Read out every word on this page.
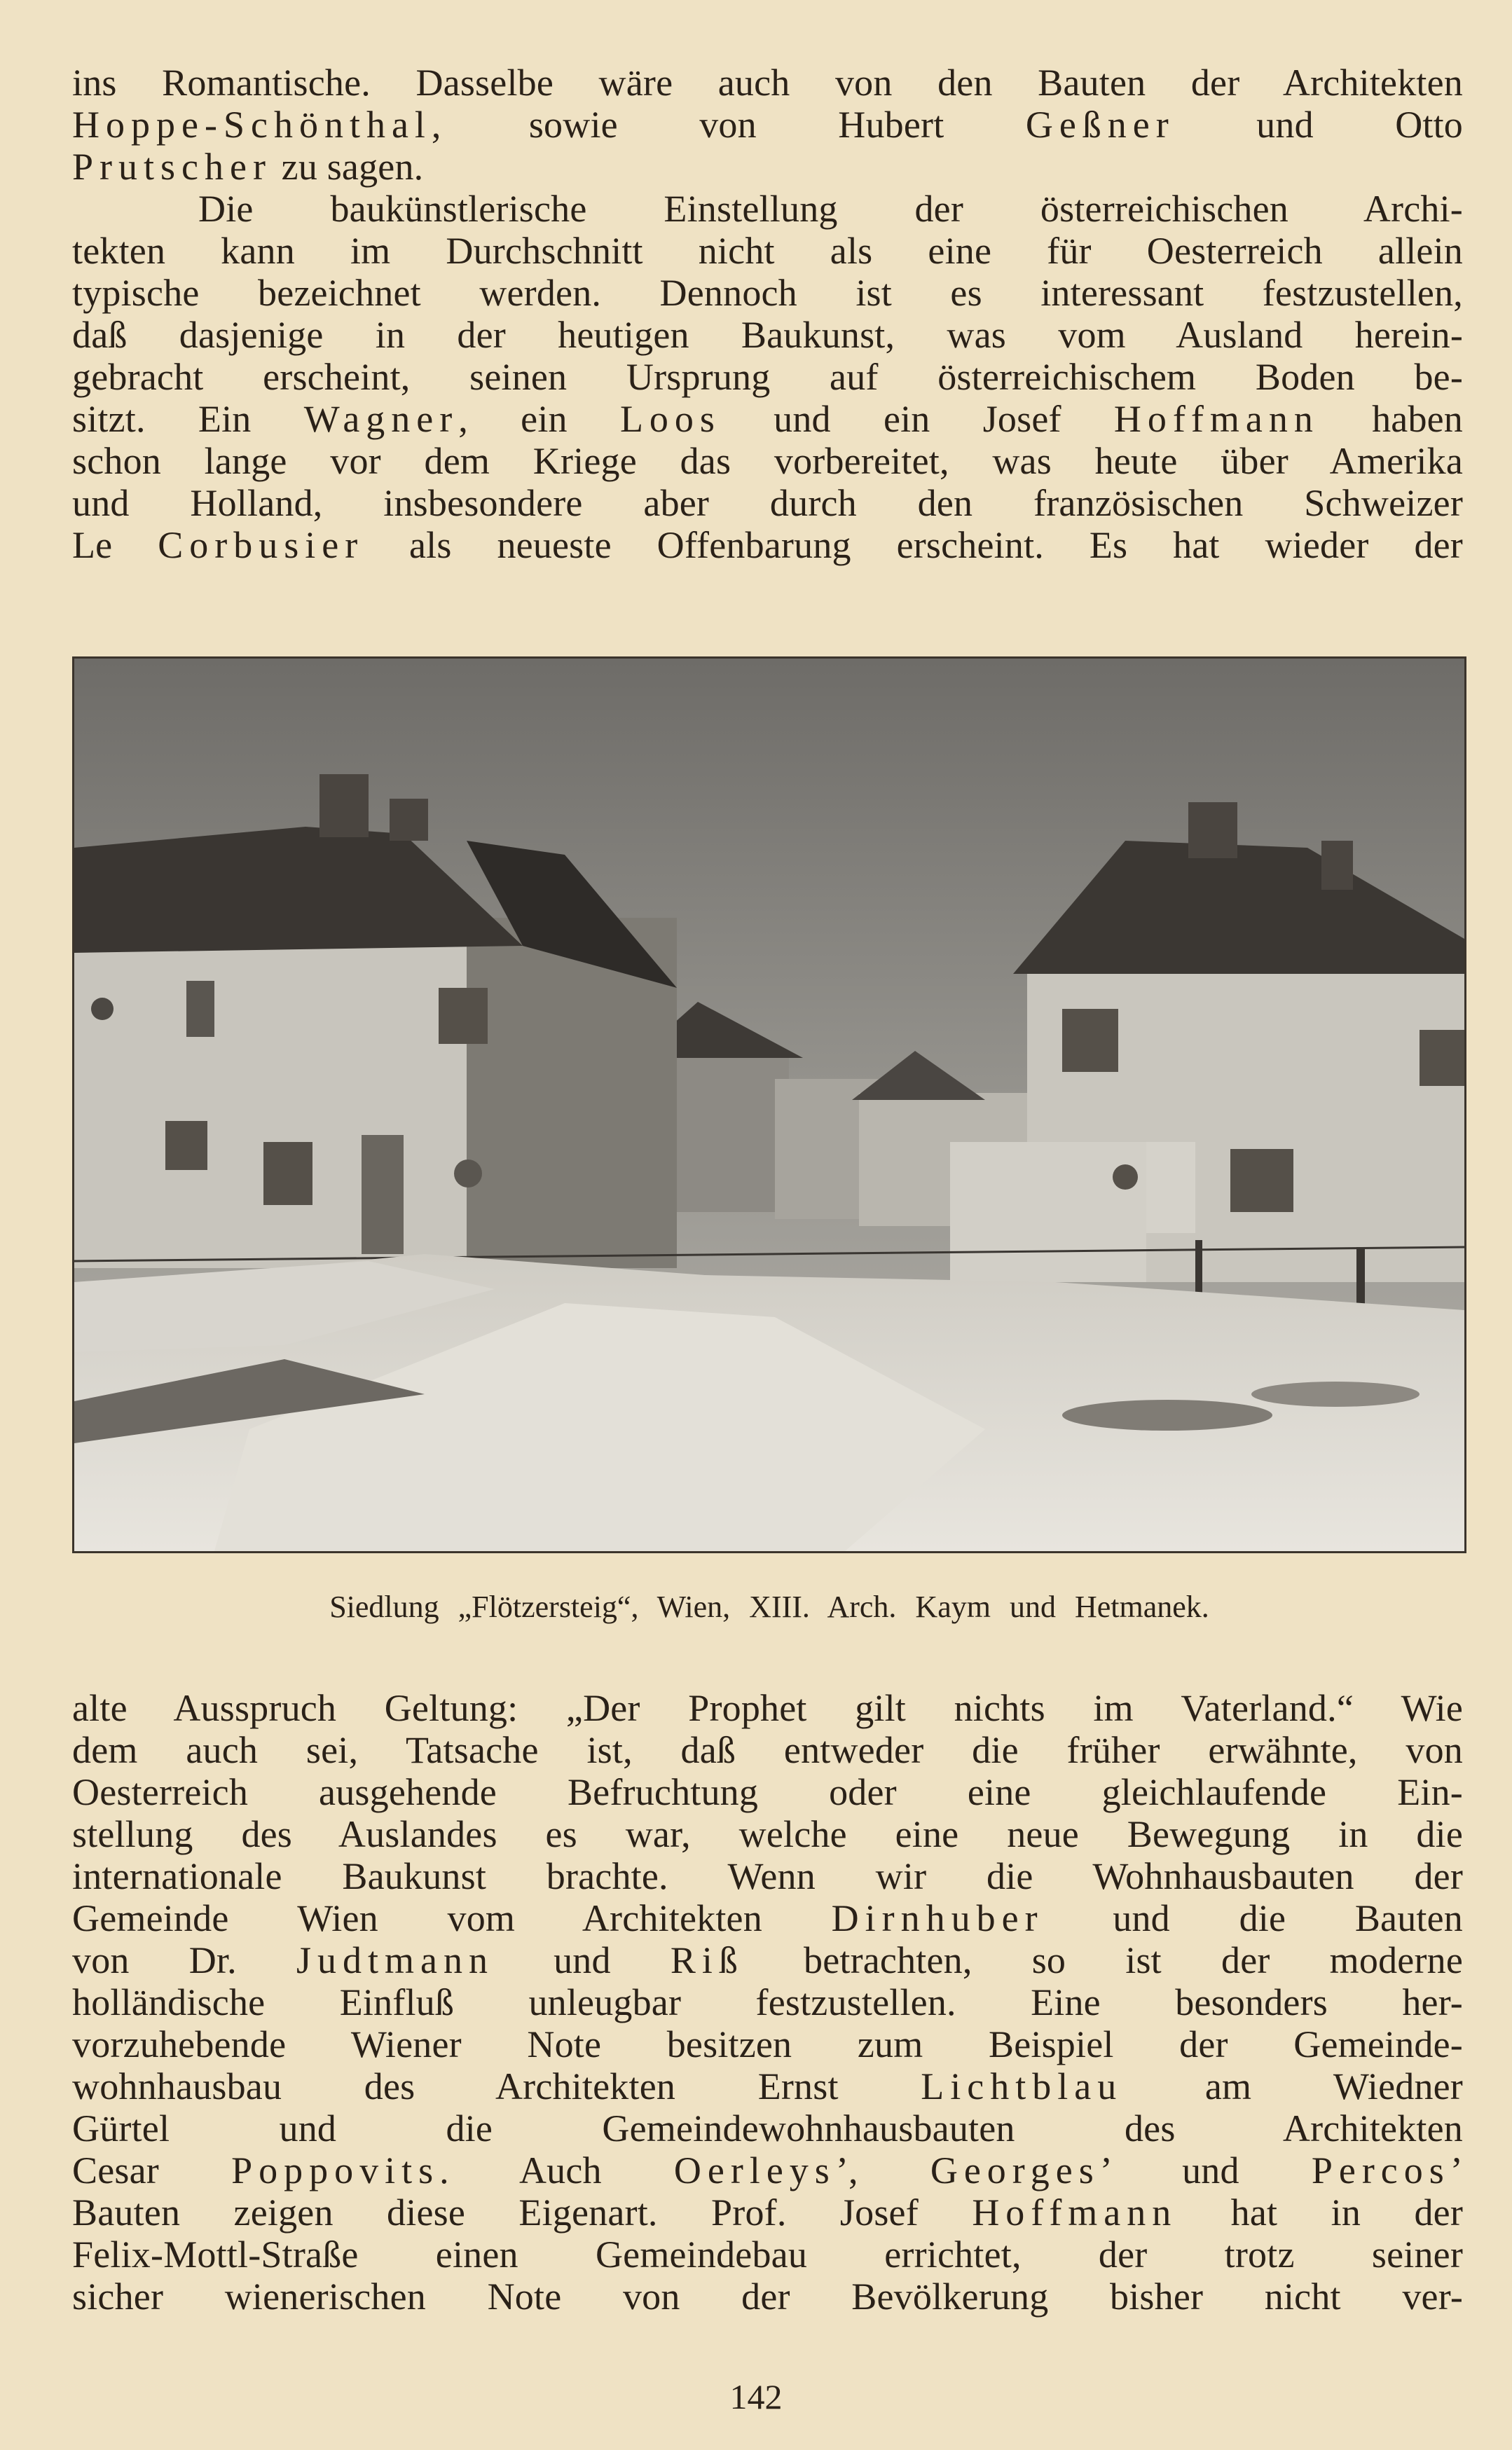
ins Romantische. Dasselbe wäre auch von den Bauten der Architekten

Hoppe-Schönthal, sowie von Hubert Geßner und Otto

Prutscher zu sagen.

Die baukünstlerische Einstellung der österreichischen Archi-

tekten kann im Durchschnitt nicht als eine für Oesterreich allein

typische bezeichnet werden. Dennoch ist es interessant festzustellen,

daß dasjenige in der heutigen Baukunst, was vom Ausland herein-

gebracht erscheint, seinen Ursprung auf österreichischem Boden be-

sitzt. Ein Wagner, ein Loos und ein Josef Hoffmann haben

schon lange vor dem Kriege das vorbereitet, was heute über Amerika

und Holland, insbesondere aber durch den französischen Schweizer

Le Corbusier als neueste Offenbarung erscheint. Es hat wieder der

Siedlung „Flötzersteig“, Wien, XIII. Arch. Kaym und Hetmanek.

alte Ausspruch Geltung: „Der Prophet gilt nichts im Vaterland.“ Wie

dem auch sei, Tatsache ist, daß entweder die früher erwähnte, von

Oesterreich ausgehende Befruchtung oder eine gleichlaufende Ein-

stellung des Auslandes es war, welche eine neue Bewegung in die

internationale Baukunst brachte. Wenn wir die Wohnhausbauten der

Gemeinde Wien vom Architekten Dirnhuber und die Bauten

von Dr. Judtmann und Riß betrachten, so ist der moderne

holländische Einfluß unleugbar festzustellen. Eine besonders her-

vorzuhebende Wiener Note besitzen zum Beispiel der Gemeinde-

wohnhausbau des Architekten Ernst Lichtblau am Wiedner

Gürtel und die Gemeindewohnhausbauten des Architekten

Cesar Poppovits. Auch Oerleys’, Georges’ und Percos’

Bauten zeigen diese Eigenart. Prof. Josef Hoffmann hat in der

Felix-Mottl-Straße einen Gemeindebau errichtet, der trotz seiner

sicher wienerischen Note von der Bevölkerung bisher nicht ver-

142
